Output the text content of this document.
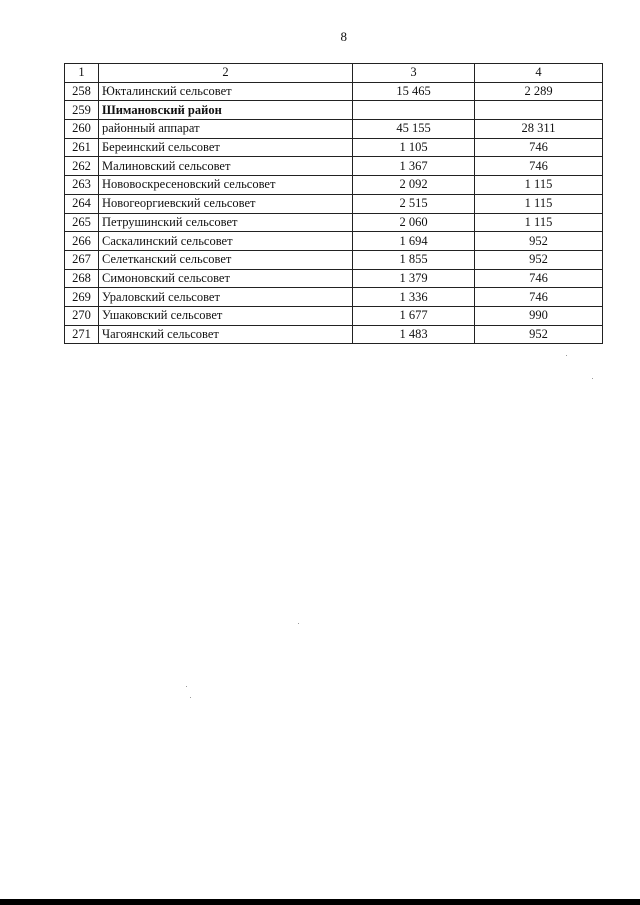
8
1	2	3	4
258	Юкталинский сельсовет	15 465	2 289
259	Шимановский район		
260	районный аппарат	45 155	28 311
261	Береинский сельсовет	1 105	746
262	Малиновский сельсовет	1 367	746
263	Нововоскресеновский сельсовет	2 092	1 115
264	Новогеоргиевский сельсовет	2 515	1 115
265	Петрушинский сельсовет	2 060	1 115
266	Саскалинский сельсовет	1 694	952
267	Селетканский сельсовет	1 855	952
268	Симоновский сельсовет	1 379	746
269	Ураловский сельсовет	1 336	746
270	Ушаковский сельсовет	1 677	990
271	Чагоянский сельсовет	1 483	952
